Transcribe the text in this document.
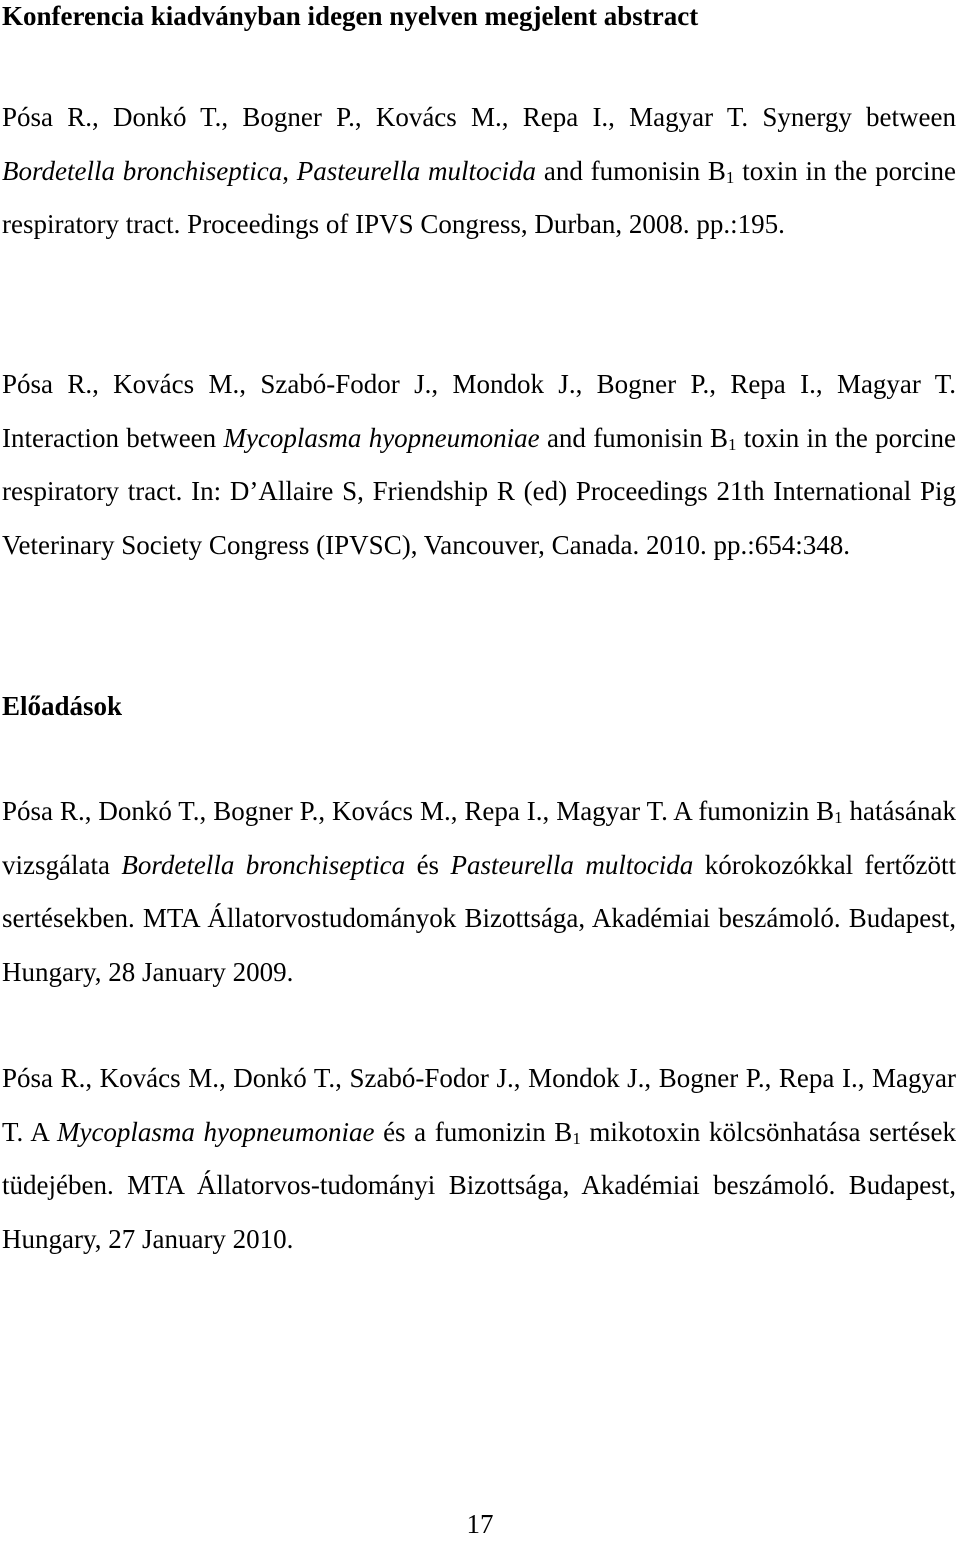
Konferencia kiadványban idegen nyelven megjelent abstract

Pósa R., Donkó T., Bogner P., Kovács M., Repa I., Magyar T. Synergy between Bordetella bronchiseptica, Pasteurella multocida and fumonisin $B_1$ toxin in the porcine respiratory tract. Proceedings of IPVS Congress, Durban, 2008. pp.:195.

Pósa R., Kovács M., Szabó-Fodor J., Mondok J., Bogner P., Repa I., Magyar T. Interaction between Mycoplasma hyopneumoniae and fumonisin $B_1$ toxin in the porcine respiratory tract. In: D’Allaire S, Friendship R (ed) Proceedings 21th International Pig Veterinary Society Congress (IPVSC), Vancouver, Canada. 2010. pp.:654:348.

Előadások

Pósa R., Donkó T., Bogner P., Kovács M., Repa I., Magyar T. A fumonizin $B_1$ hatásának vizsgálata Bordetella bronchiseptica és Pasteurella multocida kórokozókkal fertőzött sertésekben. MTA Állatorvostudományok Bizottsága, Akadémiai beszámoló. Budapest, Hungary, 28 January 2009.

Pósa R., Kovács M., Donkó T., Szabó-Fodor J., Mondok J., Bogner P., Repa I., Magyar T. A Mycoplasma hyopneumoniae és a fumonizin $B_1$ mikotoxin kölcsönhatása sertések tüdejében. MTA Állatorvos-tudományi Bizottsága, Akadémiai beszámoló. Budapest, Hungary, 27 January 2010.

17
